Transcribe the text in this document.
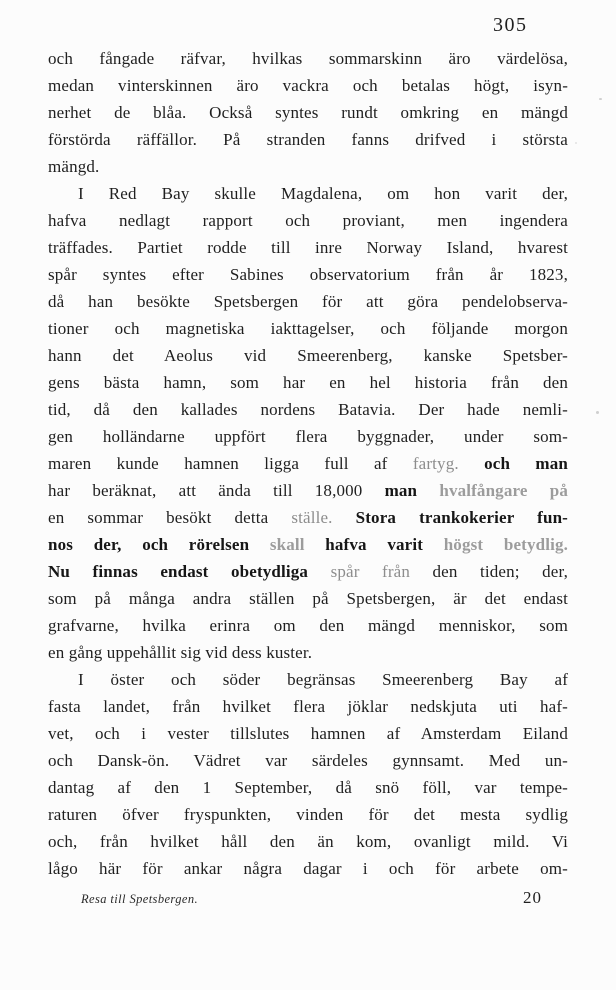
305
och fångade räfvar, hvilkas sommarskinn äro värdelösa,
medan vinterskinnen äro vackra och betalas högt, isyn-
nerhet de blåa. Också syntes rundt omkring en mängd
förstörda räffällor. På stranden fanns drifved i största
mängd.
I Red Bay skulle Magdalena, om hon varit der,
hafva nedlagt rapport och proviant, men ingendera
träffades. Partiet rodde till inre Norway Island, hvarest
spår syntes efter Sabines observatorium från år 1823,
då han besökte Spetsbergen för att göra pendelobserva-
tioner och magnetiska iakttagelser, och följande morgon
hann det Aeolus vid Smeerenberg, kanske Spetsber-
gens bästa hamn, som har en hel historia från den
tid, då den kallades nordens Batavia. Der hade nemli-
gen holländarne uppfört flera byggnader, under som-
maren kunde hamnen ligga full af fartyg. och man
har beräknat, att ända till 18,000 man hvalfångare på
en sommar besökt detta ställe. Stora trankokerier fun-
nos der, och rörelsen skall hafva varit högst betydlig.
Nu finnas endast obetydliga spår från den tiden; der,
som på många andra ställen på Spetsbergen, är det endast
grafvarne, hvilka erinra om den mängd menniskor, som
en gång uppehållit sig vid dess kuster.
I öster och söder begränsas Smeerenberg Bay af
fasta landet, från hvilket flera jöklar nedskjuta uti haf-
vet, och i vester tillslutes hamnen af Amsterdam Eiland
och Dansk-ön. Vädret var särdeles gynnsamt. Med un-
dantag af den 1 September, då snö föll, var tempe-
raturen öfver fryspunkten, vinden för det mesta sydlig
och, från hvilket håll den än kom, ovanligt mild. Vi
lågo här för ankar några dagar i och för arbete om-
Resa till Spetsbergen.	20
